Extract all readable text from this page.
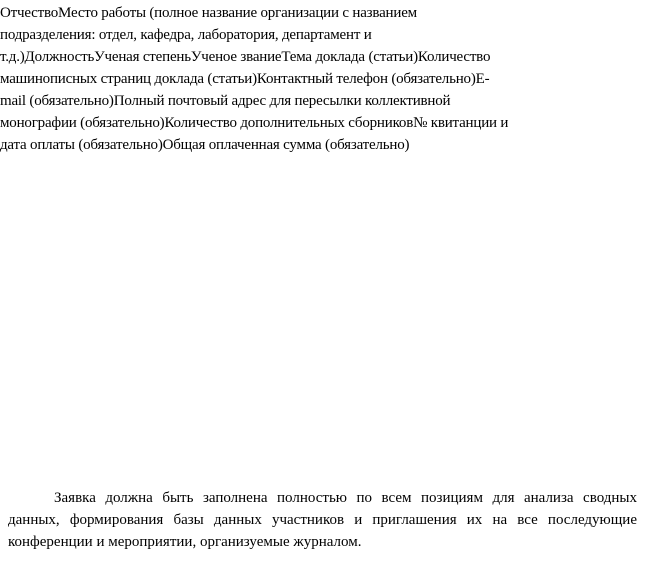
ОтчествоМесто работы (полное название организации с названием
подразделения: отдел, кафедра, лаборатория, департамент и
т.д.)ДолжностьУченая степеньУченое званиеТема доклада (статьи)Количество
машинописных страниц доклада (статьи)Контактный телефон (обязательно)E-
mail (обязательно)Полный почтовый адрес для пересылки коллективной
монографии (обязательно)Количество дополнительных сборников№ квитанции и
дата оплаты (обязательно)Общая оплаченная сумма (обязательно)
Заявка должна быть заполнена полностью по всем позициям для анализа сводных
данных, формирования базы данных участников и приглашения их на все последующие
конференции и мероприятии, организуемые журналом.
